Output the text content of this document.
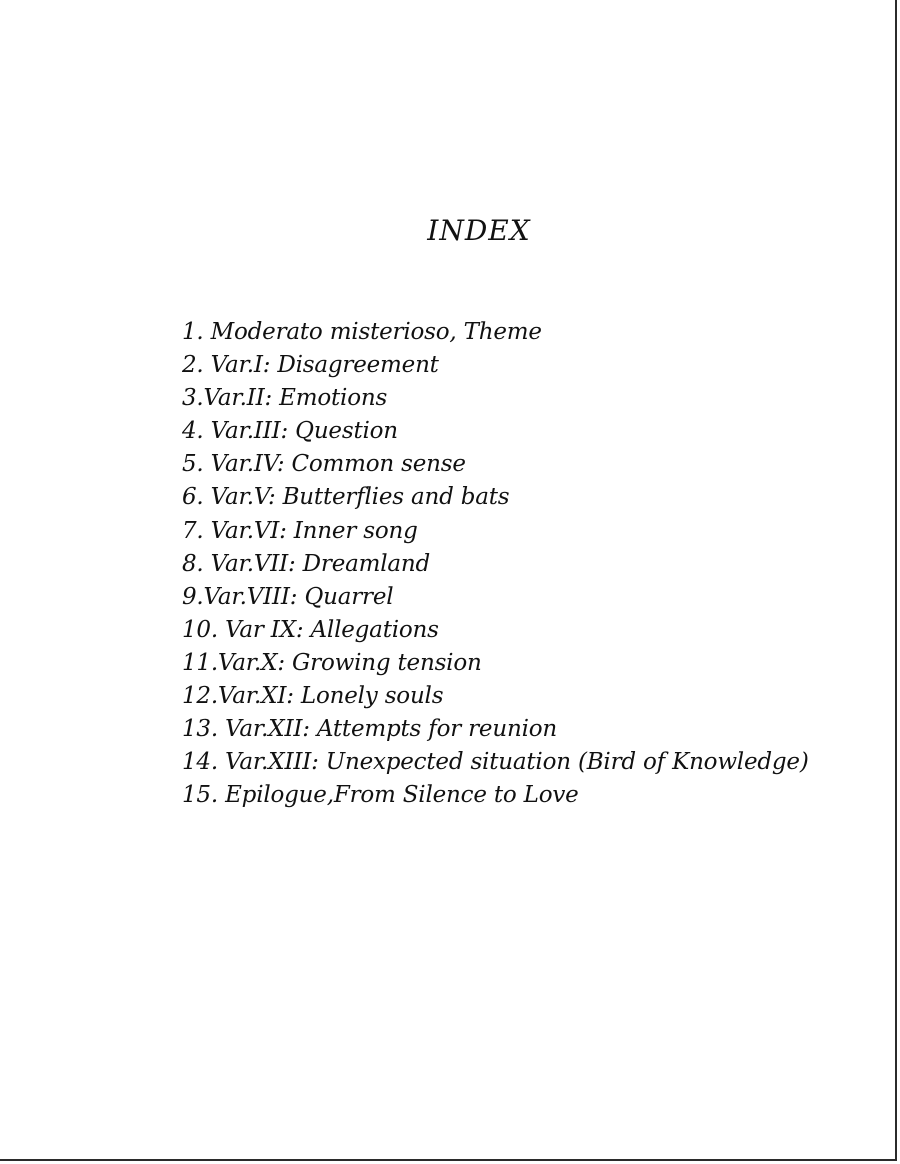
INDEX
1. Moderato misterioso, Theme
2. Var.I: Disagreement
3.Var.II: Emotions
4. Var.III: Question
5. Var.IV: Common sense
6. Var.V: Butterflies and bats
7. Var.VI: Inner song
8. Var.VII: Dreamland
9.Var.VIII: Quarrel
10. Var IX: Allegations
11.Var.X: Growing tension
12.Var.XI: Lonely souls
13. Var.XII: Attempts for reunion
14. Var.XIII: Unexpected situation (Bird of Knowledge)
15. Epilogue,From Silence to Love
